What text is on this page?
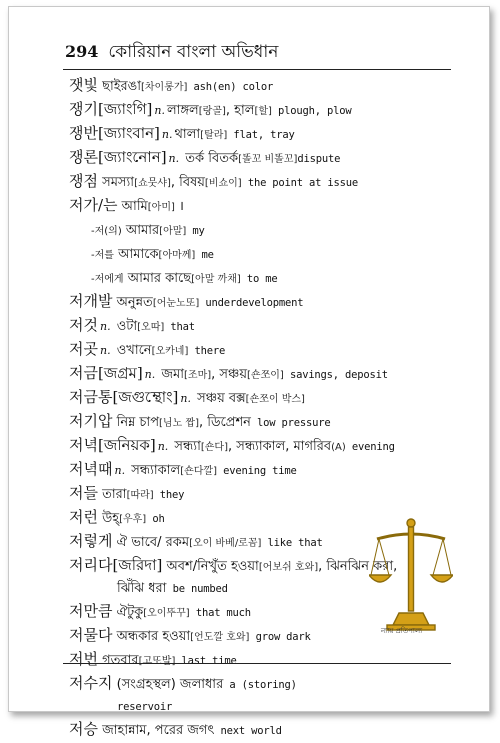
294 কোরিয়ান বাংলা অভিধান
잿빛 ছাইরঙা[차이롱가] ash(en) color
쟁기[জ্যাংগি] n. লাঙ্গল[랑골], হাল[할] plough, plow
쟁반[জ্যাংবান] n. থালা[탈라] flat, tray
쟁론[জ্যাংনোন] n. তর্ক বিতর্ক[똘꼬 비똘꼬]dispute
쟁점 সমস্যা[쇼뭇샤], বিষয়[비쇼이] the point at issue
저가/는 আমি[아미] ।
-저(의) আমার[아말] my
-저를 আমাকে[아마께] me
-저에게 আমার কাছে[아말 까채] to me
저개발 অনুন্নত[어눈노또] underdevelopment
저것 n. ওটা[오따] that
저곳 n. ওখানে[오카네] there
저금[জগ্রম] n. জমা[조마], সঞ্চয়[숀쪼이] savings, deposit
저금통[জগুম্থোং] n. সঞ্চয় বক্স[숀쪼이 박스]
저기압 নিম্ন চাপ[님노 짭], ডিপ্রেশন low pressure
저녁[জনিয়ক] n. সন্ধ্যা[숀다], সন্ধ্যাকাল, মাগরিব(A) evening
저녁때 n. সন্ধ্যাকাল[숀다깔] evening time
저들 তারা[따라] they
저런 উহ্[우후] oh
저렇게 ঐ ভাবে/ রকম[오이 바베/로꼼] like that
저리다[জরিদা] অবশ/নিখুঁত হওয়া[어보쉬 호와], ঝিনঝিন করা,
ঝিঁঝি ধরা be numbed
저만큼 ঐটুকু[오이뚜꾸] that much
저물다 অন্ধকার হওয়া[언도깔 호와] grow dark
저번 গতবার[고또발] last time
저수지 (সংগ্রহস্থল) জলাধার a (storing)
reservoir
저승 জাহান্নাম, পরের জগৎ next world
ন্যায় প্রতিপাল্য
